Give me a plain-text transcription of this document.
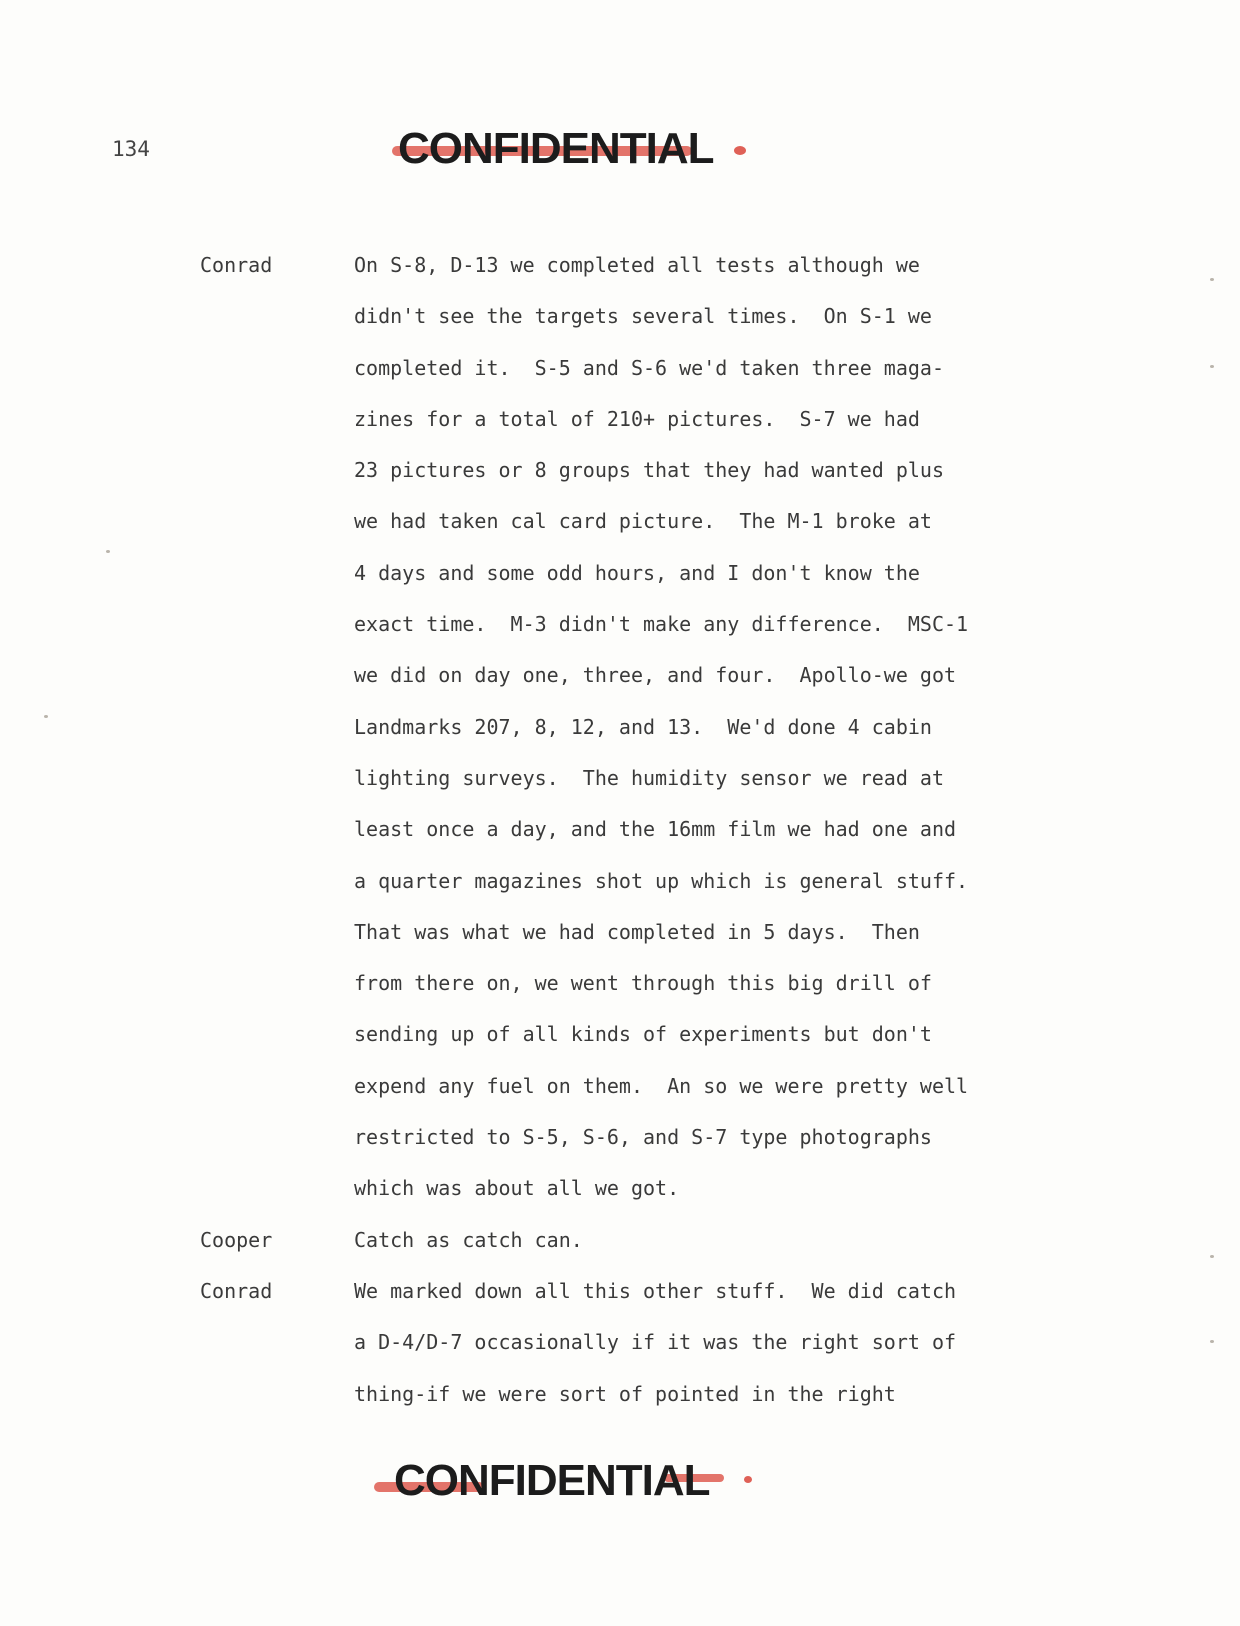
134	CONFIDENTIAL
Conrad	On S-8, D-13 we completed all tests although we
didn't see the targets several times.  On S-1 we
completed it.  S-5 and S-6 we'd taken three maga-
zines for a total of 210+ pictures.  S-7 we had
23 pictures or 8 groups that they had wanted plus
we had taken cal card picture.  The M-1 broke at
4 days and some odd hours, and I don't know the
exact time.  M-3 didn't make any difference.  MSC-1
we did on day one, three, and four.  Apollo-we got
Landmarks 207, 8, 12, and 13.  We'd done 4 cabin
lighting surveys.  The humidity sensor we read at
least once a day, and the 16mm film we had one and
a quarter magazines shot up which is general stuff.
That was what we had completed in 5 days.  Then
from there on, we went through this big drill of
sending up of all kinds of experiments but don't
expend any fuel on them.  An so we were pretty well
restricted to S-5, S-6, and S-7 type photographs
which was about all we got.
Cooper	Catch as catch can.
Conrad	We marked down all this other stuff.  We did catch
a D-4/D-7 occasionally if it was the right sort of
thing-if we were sort of pointed in the right
CONFIDENTIAL
